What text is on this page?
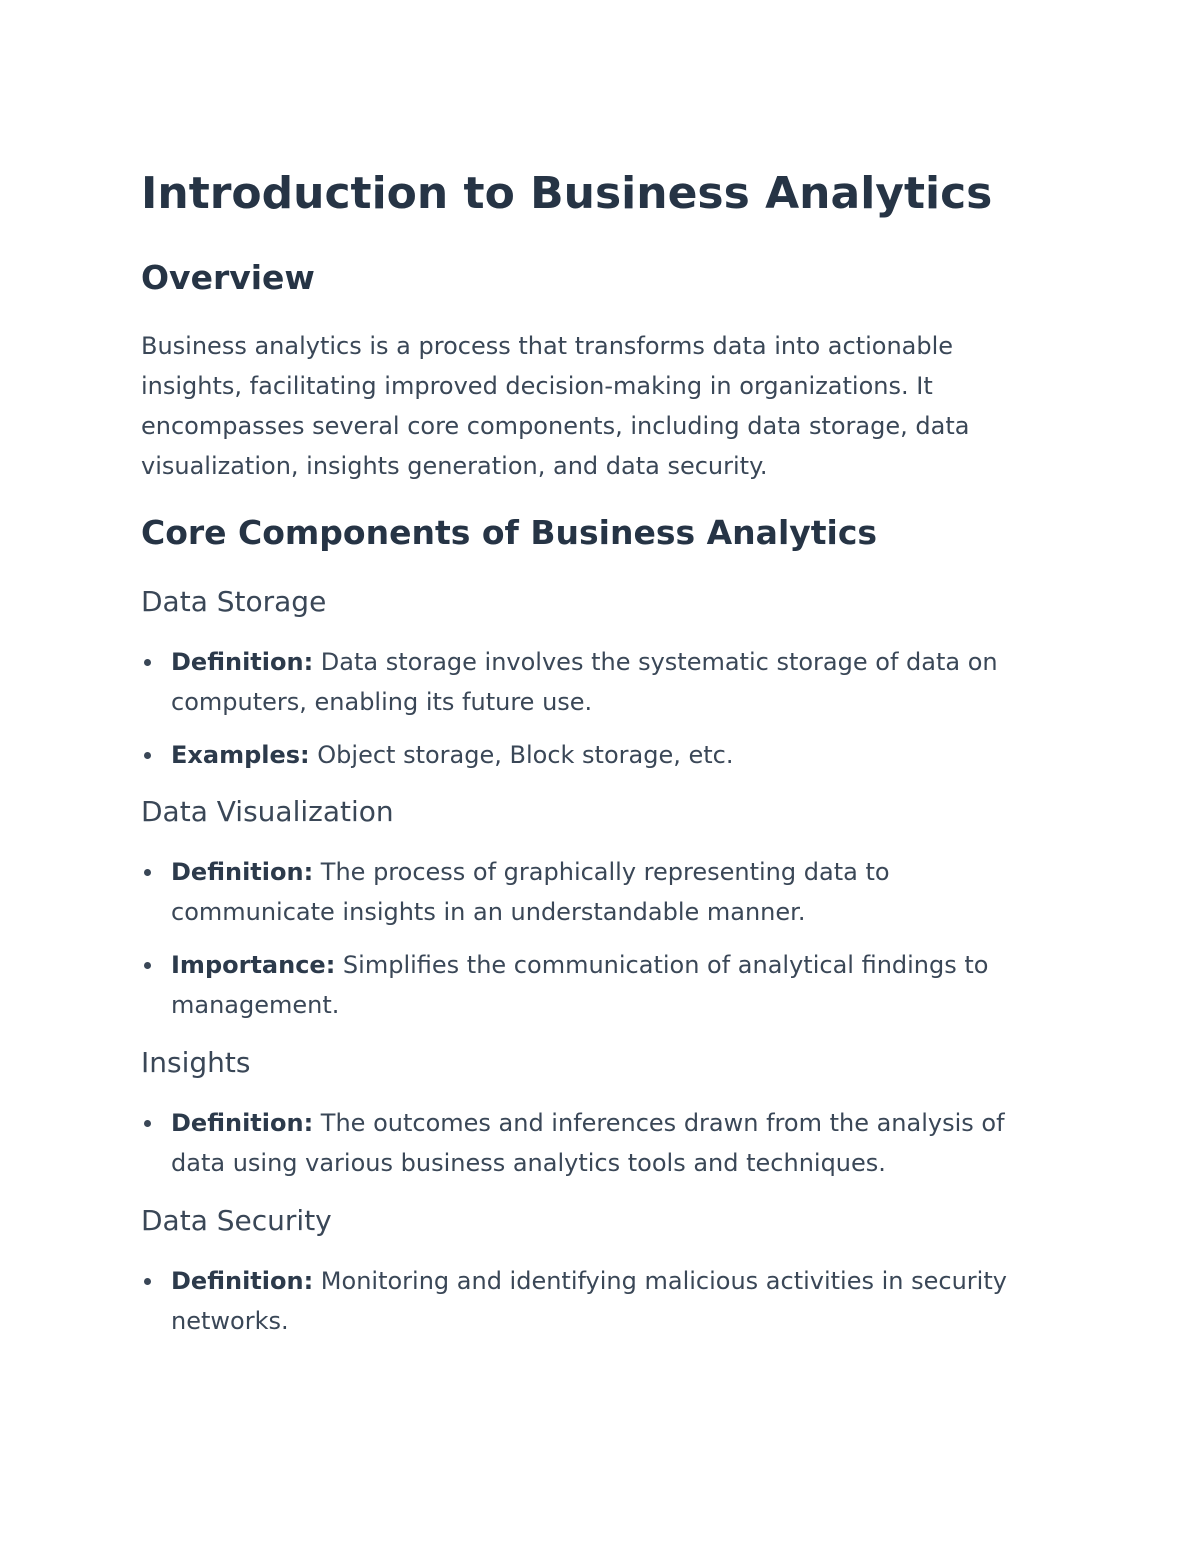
Introduction to Business Analytics
Overview

Business analytics is a process that transforms data into actionable insights, facilitating improved decision-making in organizations. It encompasses several core components, including data storage, data visualization, insights generation, and data security.

Core Components of Business Analytics
Data Storage
Definition: Data storage involves the systematic storage of data on computers, enabling its future use.
Examples: Object storage, Block storage, etc.
Data Visualization
Definition: The process of graphically representing data to communicate insights in an understandable manner.
Importance: Simplifies the communication of analytical findings to management.
Insights
Definition: The outcomes and inferences drawn from the analysis of data using various business analytics tools and techniques.
Data Security
Definition: Monitoring and identifying malicious activities in security networks.
